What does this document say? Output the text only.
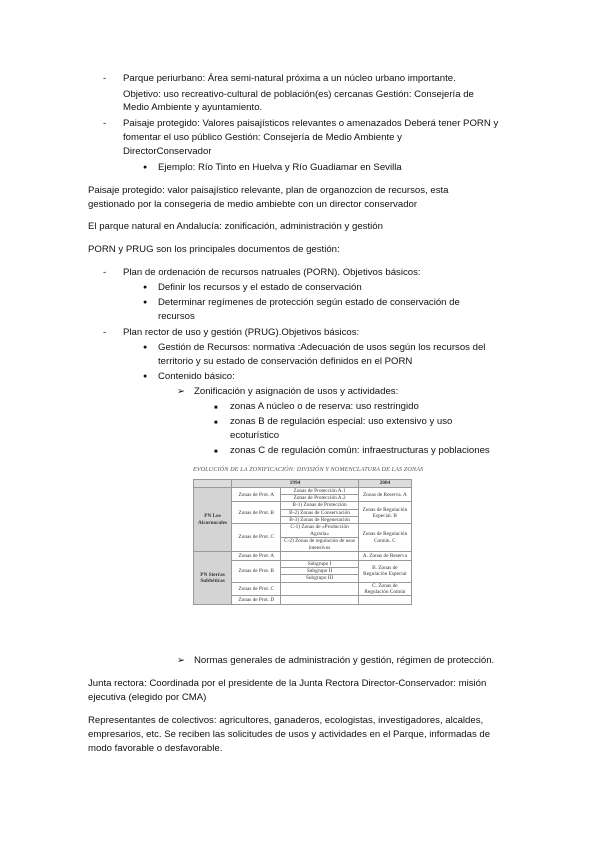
- Parque periurbano: Área semi-natural próxima a un núcleo urbano importante.
Objetivo: uso recreativo-cultural de población(es) cercanas Gestión: Consejería de
Medio Ambiente y ayuntamiento.
- Paisaje protegido: Valores paisajísticos relevantes o amenazados Deberá tener PORN y
fomentar el uso público Gestión: Consejería de Medio Ambiente y
DirectorConservador
● Ejemplo: Río Tinto en Huelva y Río Guadiamar en Sevilla
Paisaje protegido: valor paisajístico relevante, plan de organozcion de recursos, esta
gestionado por la consegeria de medio ambiebte con un director conservador
El parque natural en Andalucía: zonificación, administración y gestión
PORN y PRUG son los principales documentos de gestión:
- Plan de ordenación de recursos natruales (PORN). Objetivos básicos:
● Definir los recursos y el estado de conservación
● Determinar regímenes de protección según estado de conservación de
recursos
- Plan rector de uso y gestión (PRUG).Objetivos básicos:
● Gestión de Recursos: normativa :Adecuación de usos según los recursos del
territorio y su estado de conservación definidos en el PORN
● Contenido básico:
➢ Zonificación y asignación de usos y actividades:
■ zonas A núcleo o de reserva: uso restringido
■ zonas B de regulación especial: uso extensivo y uso
ecoturístico
■ zonas C de regulación común: infraestructuras y poblaciones
EVOLUCIÓN DE LA ZONIFICACIÓN: DIVISIÓN Y NOMENCLATURA DE LAS ZONAS
	1994		2004
PN Los Alcornocales	Zonas de Prot. A	Zonas de Protección A.1	Zonas de Reserva. A
		Zonas de Protección A.2	
	Zonas de Prot. B	B-1) Zonas de Protección	Zonas de Regulación Especial. B
		B-2) Zonas de Conservación	
		B-3) Zonas de Regeneración	
	Zonas de Prot. C	C-1) Zonas de «Producción Agraria»	Zonas de Regulación Común. C
		C-2) Zonas de regulación de usos intensivos	
PN Sierras Subbéticas	Zonas de Prot. A		A. Zonas de Reserva
	Zonas de Prot. B	Subgrupo I	B. Zonas de Regulación Especial
		Subgrupo II	
		Subgrupo III	
	Zonas de Prot. C		C. Zonas de Regulación Común
	Zonas de Prot. D		
➢ Normas generales de administración y gestión, régimen de protección.
Junta rectora: Coordinada por el presidente de la Junta Rectora Director-Conservador: misión
ejecutiva (elegido por CMA)
Representantes de colectivos: agricultores, ganaderos, ecologistas, investigadores, alcaldes,
empresarios, etc. Se reciben las solicitudes de usos y actividades en el Parque, informadas de
modo favorable o desfavorable.
